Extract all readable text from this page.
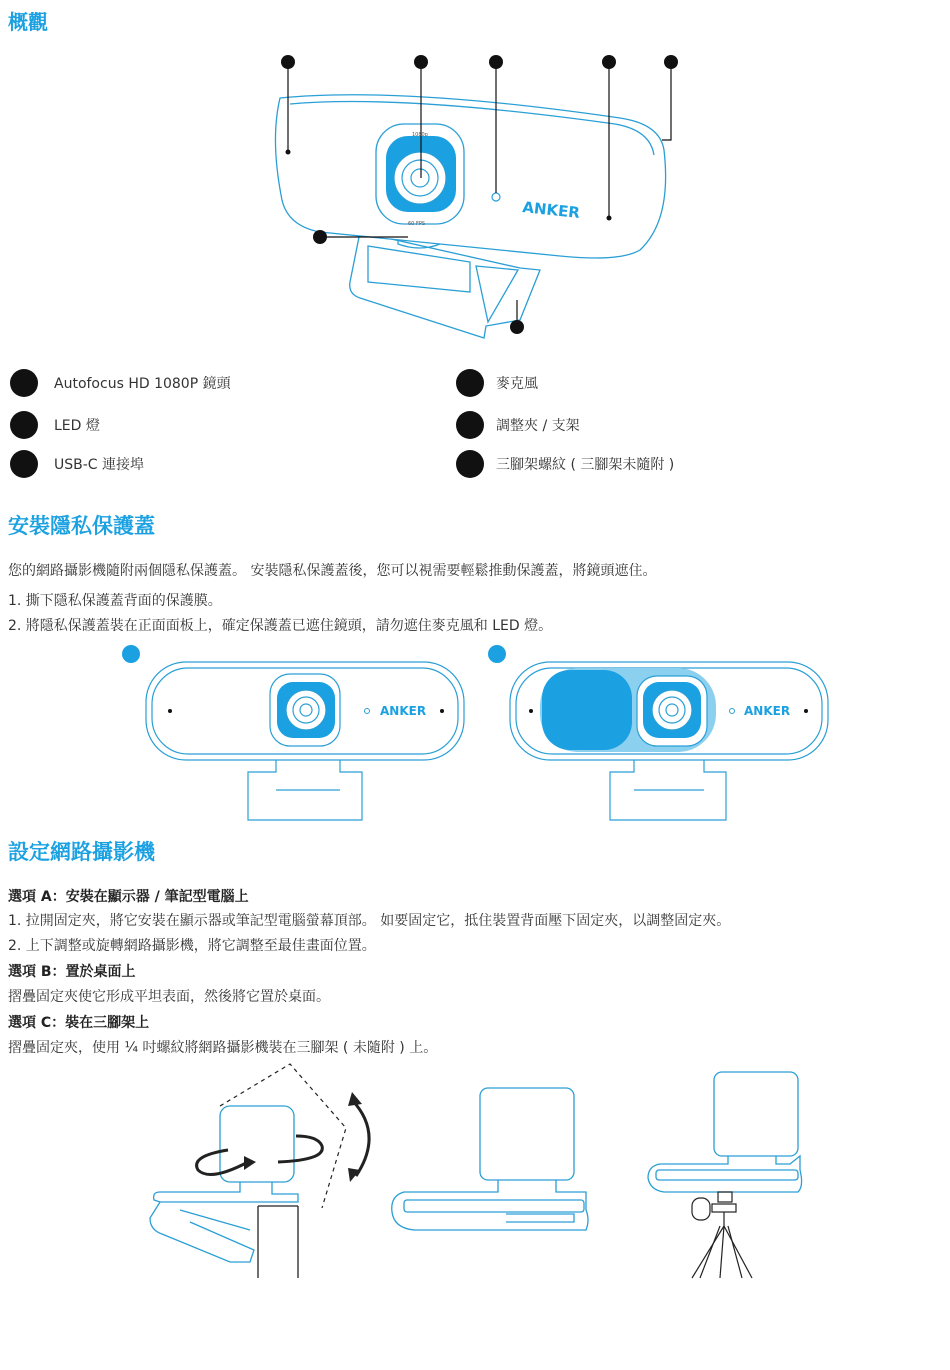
概觀
1080p
60 FPS
ANKER
Autofocus HD 1080P 鏡頭
LED 燈
USB-C 連接埠
麥克風
調整夾 / 支架
三腳架螺紋 ( 三腳架未隨附 )
安裝隱私保護蓋

您的網路攝影機隨附兩個隱私保護蓋。 安裝隱私保護蓋後，您可以視需要輕鬆推動保護蓋，將鏡頭遮住。

1. 撕下隱私保護蓋背面的保護膜。

2. 將隱私保護蓋裝在正面面板上，確定保護蓋已遮住鏡頭，請勿遮住麥克風和 LED 燈。

ANKER	ANKER
設定網路攝影機

選項 A：安裝在顯示器 / 筆記型電腦上

1. 拉開固定夾，將它安裝在顯示器或筆記型電腦螢幕頂部。 如要固定它，抵住裝置背面壓下固定夾，以調整固定夾。

2. 上下調整或旋轉網路攝影機，將它調整至最佳畫面位置。

選項 B：置於桌面上

摺疊固定夾使它形成平坦表面，然後將它置於桌面。

選項 C：裝在三腳架上

摺疊固定夾，使用 ¼ 吋螺紋將網路攝影機裝在三腳架 ( 未隨附 ) 上。
